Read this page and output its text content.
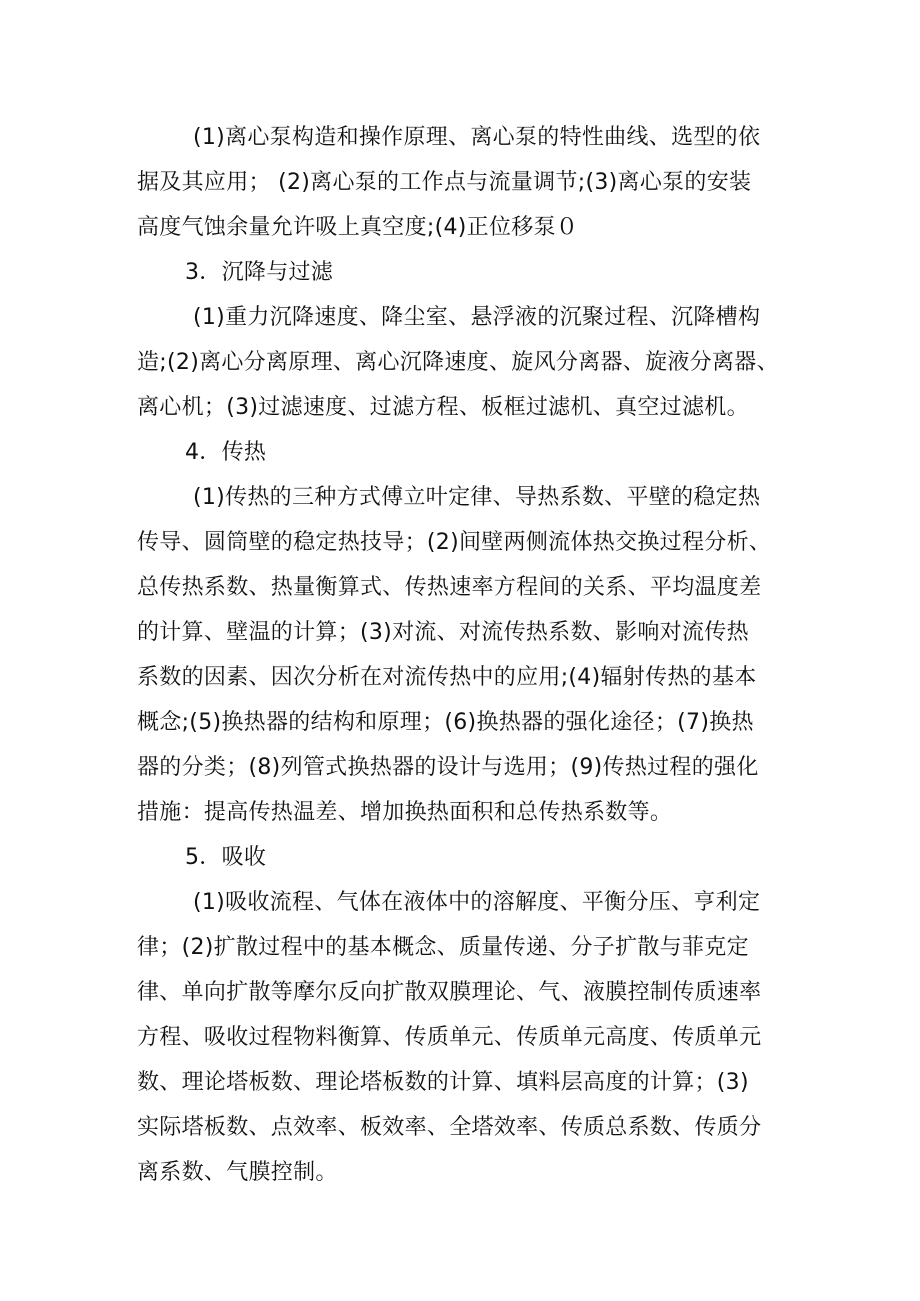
(1)离心泵构造和操作原理、离心泵的特性曲线、选型的依
据及其应用； (2)离心泵的工作点与流量调节;(3)离心泵的安装
高度气蚀余量允许吸上真空度;(4)正位移泵０
3．沉降与过滤
(1)重力沉降速度、降尘室、悬浮液的沉聚过程、沉降槽构
造;(2)离心分离原理、离心沉降速度、旋风分离器、旋液分离器、
离心机；(3)过滤速度、过滤方程、板框过滤机、真空过滤机。
4．传热
(1)传热的三种方式傅立叶定律、导热系数、平壁的稳定热
传导、圆筒壁的稳定热技导；(2)间壁两侧流体热交换过程分析、
总传热系数、热量衡算式、传热速率方程间的关系、平均温度差
的计算、壁温的计算；(3)对流、对流传热系数、影响对流传热
系数的因素、因次分析在对流传热中的应用;(4)辐射传热的基本
概念;(5)换热器的结构和原理；(6)换热器的强化途径；(7)换热
器的分类；(8)列管式换热器的设计与选用；(9)传热过程的强化
措施：提高传热温差、增加换热面积和总传热系数等。
5．吸收
(1)吸收流程、气体在液体中的溶解度、平衡分压、亨利定
律；(2)扩散过程中的基本概念、质量传递、分子扩散与菲克定
律、单向扩散等摩尔反向扩散双膜理论、气、液膜控制传质速率
方程、吸收过程物料衡算、传质单元、传质单元高度、传质单元
数、理论塔板数、理论塔板数的计算、填料层高度的计算；(3)
实际塔板数、点效率、板效率、全塔效率、传质总系数、传质分
离系数、气膜控制。
